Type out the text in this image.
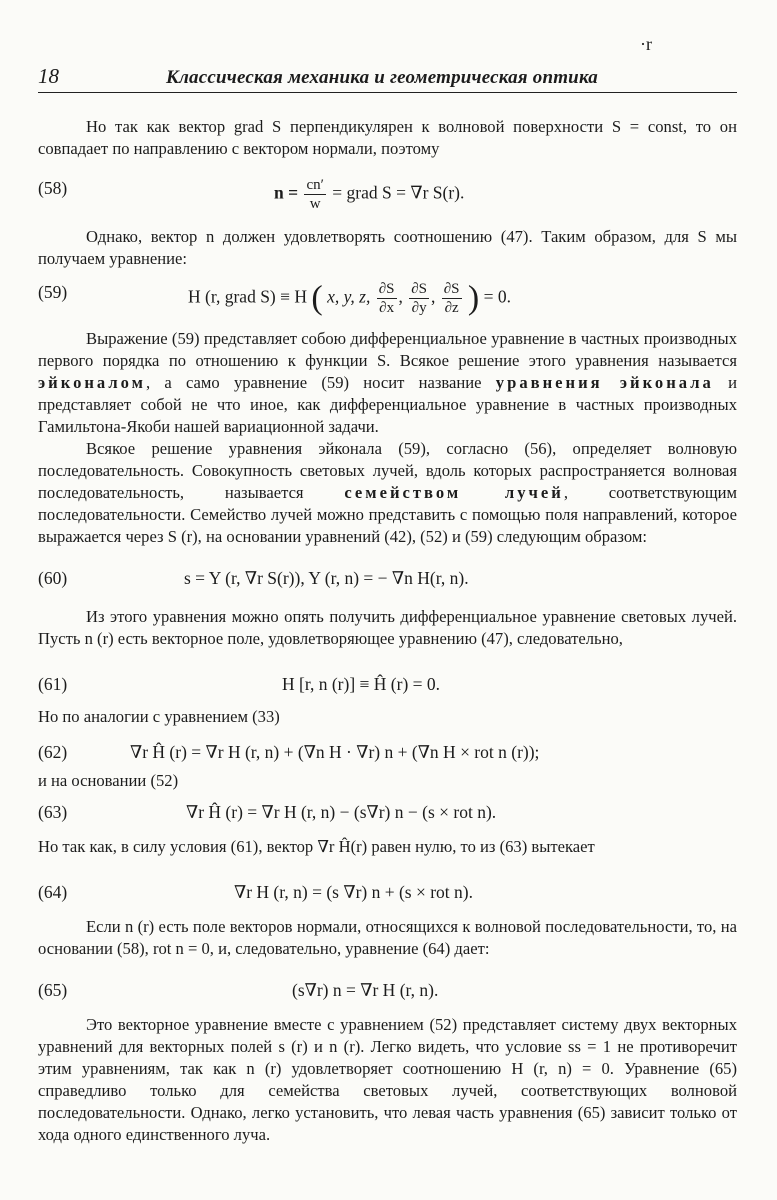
·r
18	Классическая механика и геометрическая оптика
Но так как вектор grad S перпендикулярен к волновой поверхности S = const, то он совпадает по направлению с вектором нормали, поэтому
(58)	$n = \frac{cn'}{w}$ = grad S = ∇r S(r).
Однако, вектор n должен удовлетворять соотношению (47). Таким образом, для S мы получаем уравнение:
(59)	H (r, grad S) ≡ H ( x, y, z, $\frac{\partial S}{\partial x}$ , $\frac{\partial S}{\partial y}$ , $\frac{\partial S}{\partial z}$ ) = 0.
Выражение (59) представляет собою дифференциальное уравнение в частных производных первого порядка по отношению к функции S. Всякое решение этого уравнения называется эйконалом, а само уравнение (59) носит название уравнения эйконала и представляет собой не что иное, как дифференциальное уравнение в частных производных Гамильтона-Якоби нашей вариационной задачи.
Всякое решение уравнения эйконала (59), согласно (56), определяет волновую последовательность. Совокупность световых лучей, вдоль которых распространяется волновая последовательность, называется семейством лучей, соответствующим последовательности. Семейство лучей можно представить с помощью поля направлений, которое выражается через S (r), на основании уравнений (42), (52) и (59) следующим образом:
(60)	s = Y (r, ∇r S(r)), Y (r, n) = − ∇n H(r, n).
Из этого уравнения можно опять получить дифференциальное уравнение световых лучей. Пусть n (r) есть векторное поле, удовлетворяющее уравнению (47), следовательно,
(61)	H [r, n (r)] ≡ Ĥ (r) = 0.
Но по аналогии с уравнением (33)
(62)	∇r Ĥ (r) = ∇r H (r, n) + (∇n H · ∇r) n + (∇n H × rot n (r));
и на основании (52)
(63)	∇r Ĥ (r) = ∇r H (r, n) − (s∇r) n − (s × rot n).
Но так как, в силу условия (61), вектор ∇r Ĥ(r) равен нулю, то из (63) вытекает
(64)	∇r H (r, n) = (s ∇r) n + (s × rot n).
Если n (r) есть поле векторов нормали, относящихся к волновой последовательности, то, на основании (58), rot n = 0, и, следовательно, уравнение (64) дает:
(65)	(s∇r) n = ∇r H (r, n).
Это векторное уравнение вместе с уравнением (52) представляет систему двух векторных уравнений для векторных полей s (r) и n (r). Легко видеть, что условие ss = 1 не противоречит этим уравнениям, так как n (r) удовлетворяет соотношению H (r, n) = 0. Уравнение (65) справедливо только для семейства световых лучей, соответствующих волновой последовательности. Однако, легко установить, что левая часть уравнения (65) зависит только от хода одного единственного луча.
